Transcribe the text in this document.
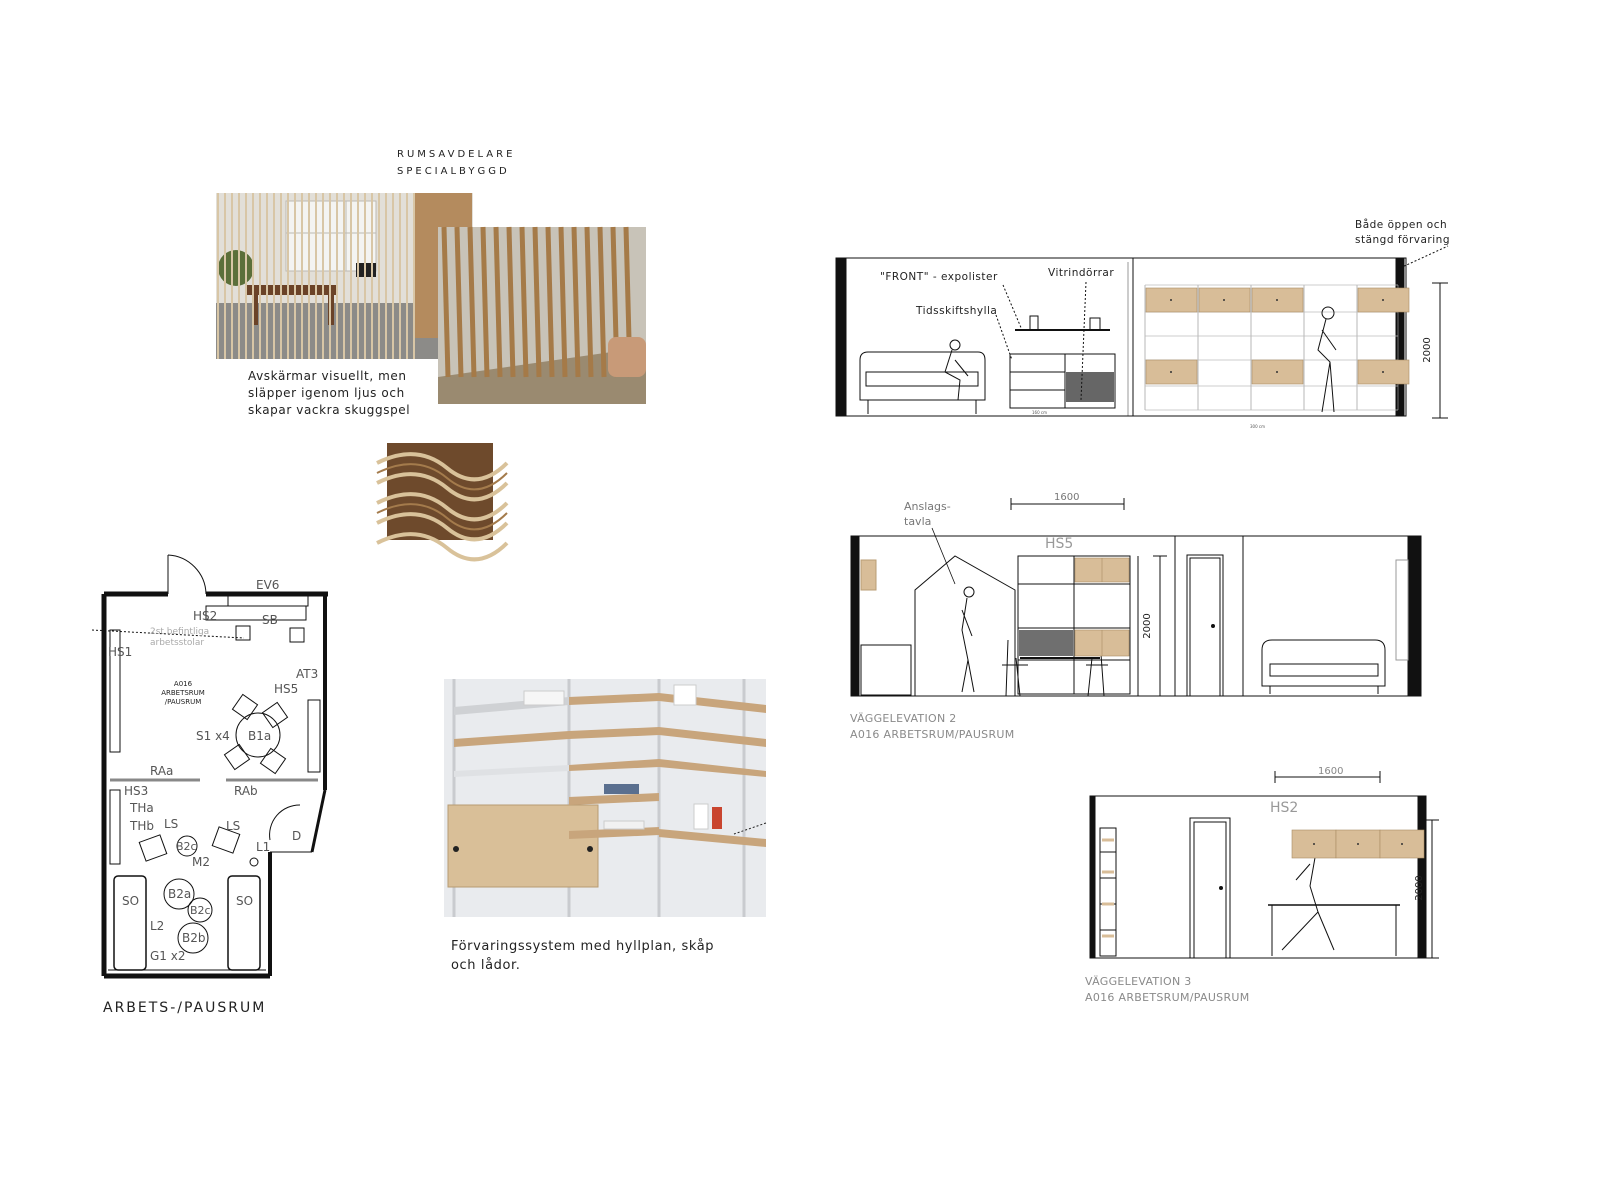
RUMSAVDELARE
SPECIALBYGGD
Avskärmar visuellt, men
släpper igenom ljus och
skapar vackra skuggspel
Förvaringssystem med hyllplan, skåp
och lådor.
EV6
HS2	SB
HS1
AT3
HS5
S1 x4 B1a
RAa
RAb
HS3
THa
THb LS	LS
B2c
M2
L1
D
SO	SO
B2a
B2c
L2
B2b
G1 x2
A016
ARBETSRUM
/PAUSRUM
2st befintliga
arbetsstolar
ARBETS-/PAUSRUM
"FRONT" - expolister	Vitrindörrar
Tidsskiftshylla
Både öppen och
stängd förvaring
160 cm
300 cm
2000
Anslags-
tavla
1600
HS5
2000
VÄGGELEVATION 2
A016 ARBETSRUM/PAUSRUM
1600
HS2
2000
VÄGGELEVATION 3
A016 ARBETSRUM/PAUSRUM
